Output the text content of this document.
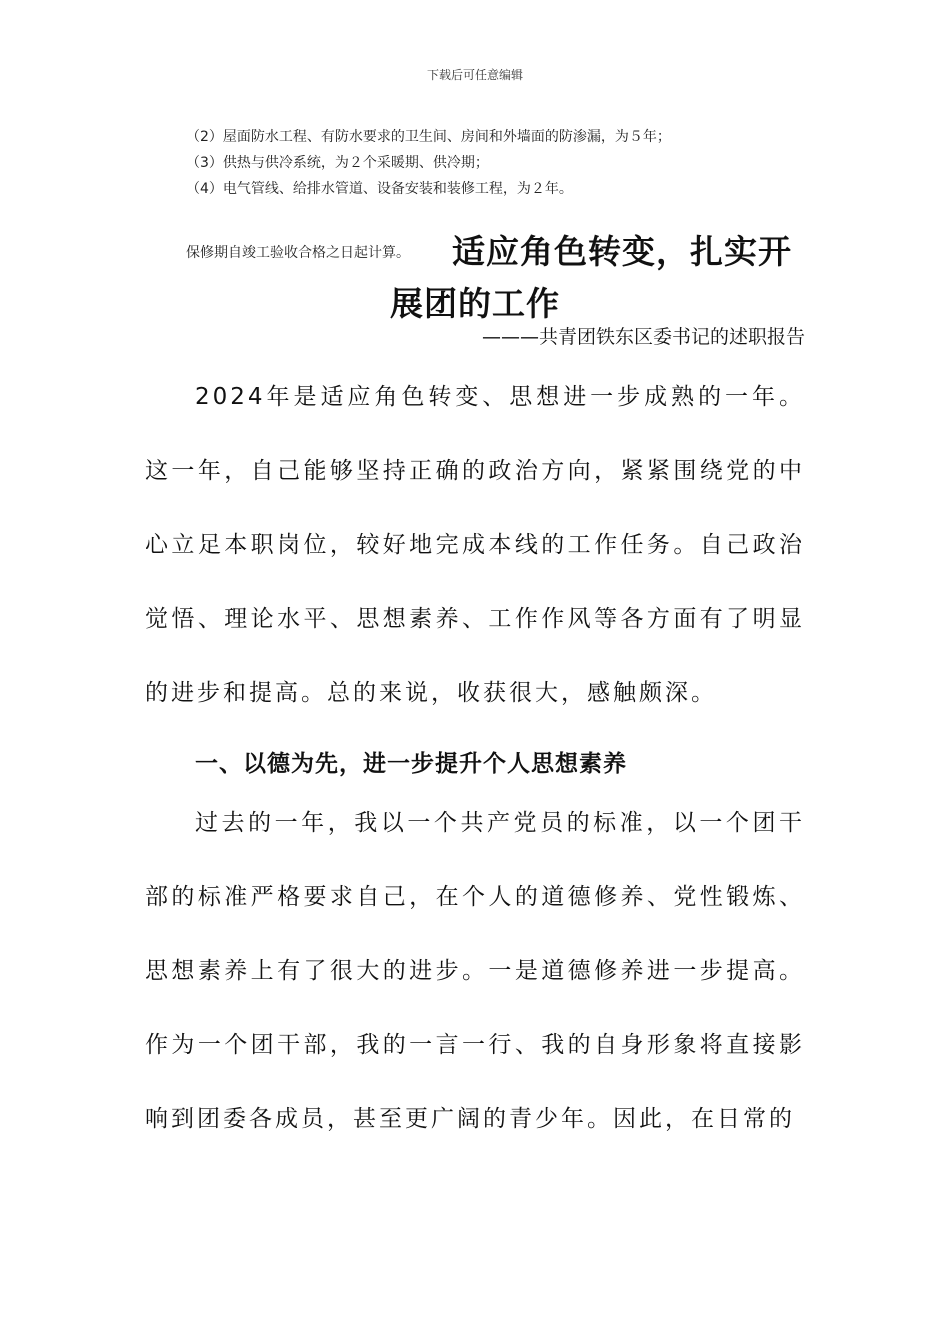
下载后可任意编辑
（2）屋面防水工程、有防水要求的卫生间、房间和外墙面的防渗漏，为５年；
（3）供热与供冷系统，为２个采暖期、供冷期；
（4）电气管线、给排水管道、设备安装和装修工程，为２年。
保修期自竣工验收合格之日起计算。 适应角色转变，扎实开
展团的工作
———共青团铁东区委书记的述职报告
2024年是适应角色转变、思想进一步成熟的一年。这一年，自己能够坚持正确的政治方向，紧紧围绕党的中心立足本职岗位，较好地完成本线的工作任务。自己政治觉悟、理论水平、思想素养、工作作风等各方面有了明显的进步和提高。总的来说，收获很大，感触颇深。
一、以德为先，进一步提升个人思想素养
过去的一年，我以一个共产党员的标准，以一个团干部的标准严格要求自己，在个人的道德修养、党性锻炼、思想素养上有了很大的进步。一是道德修养进一步提高。作为一个团干部，我的一言一行、我的自身形象将直接影响到团委各成员，甚至更广阔的青少年。因此，在日常的
